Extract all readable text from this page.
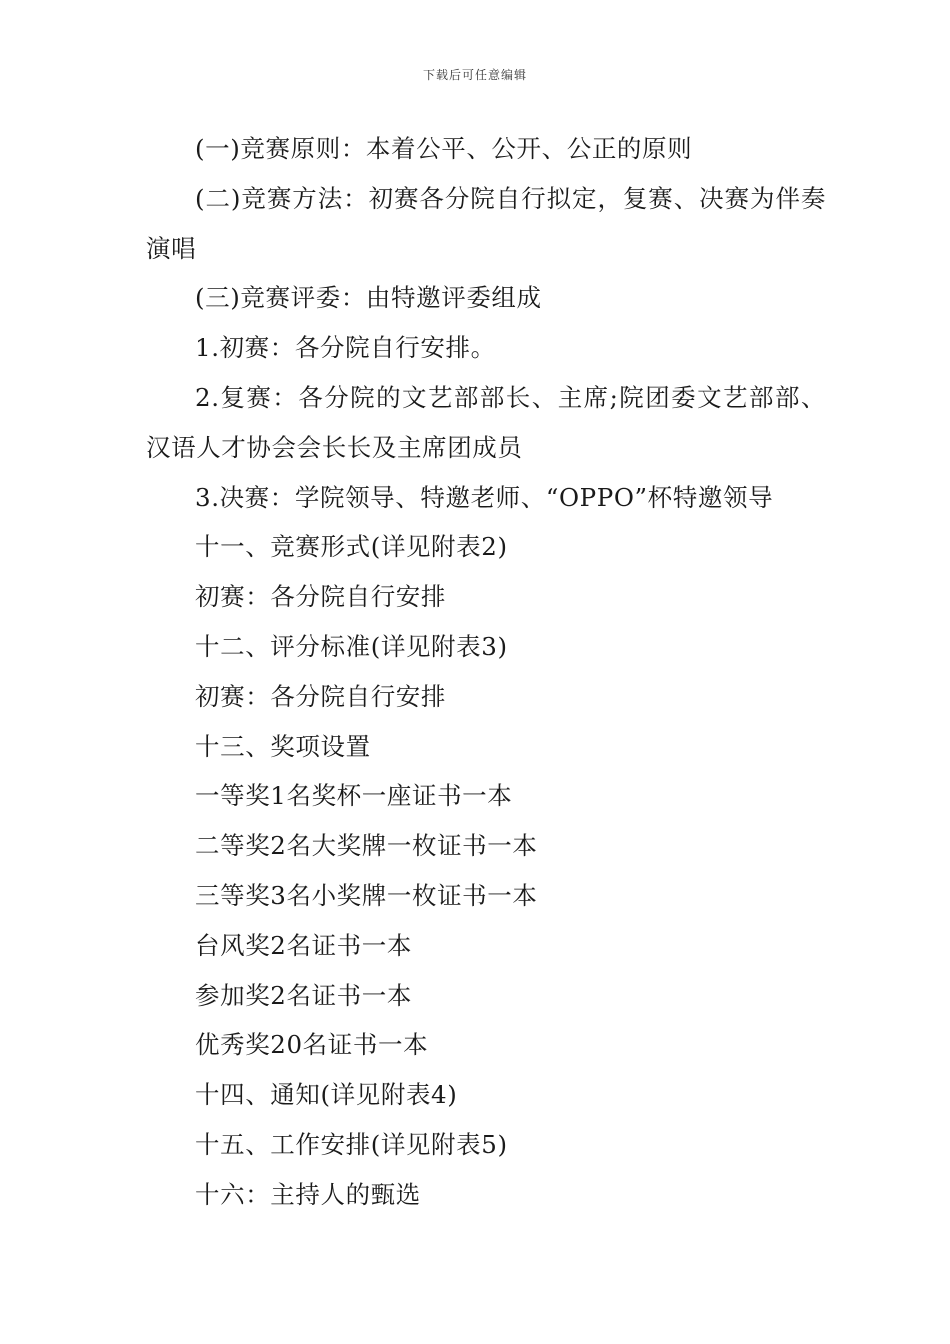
下载后可任意编辑

(一)竞赛原则：本着公平、公开、公正的原则

(二)竞赛方法：初赛各分院自行拟定，复赛、决赛为伴奏演唱

(三)竞赛评委：由特邀评委组成

1.初赛：各分院自行安排。

2.复赛：各分院的文艺部部长、主席;院团委文艺部部、汉语人才协会会长长及主席团成员

3.决赛：学院领导、特邀老师、“OPPO”杯特邀领导

十一、竞赛形式(详见附表2)

初赛：各分院自行安排

十二、评分标准(详见附表3)

初赛：各分院自行安排

十三、奖项设置

一等奖1名奖杯一座证书一本

二等奖2名大奖牌一枚证书一本

三等奖3名小奖牌一枚证书一本

台风奖2名证书一本

参加奖2名证书一本

优秀奖20名证书一本

十四、通知(详见附表4)

十五、工作安排(详见附表5)

十六：主持人的甄选
